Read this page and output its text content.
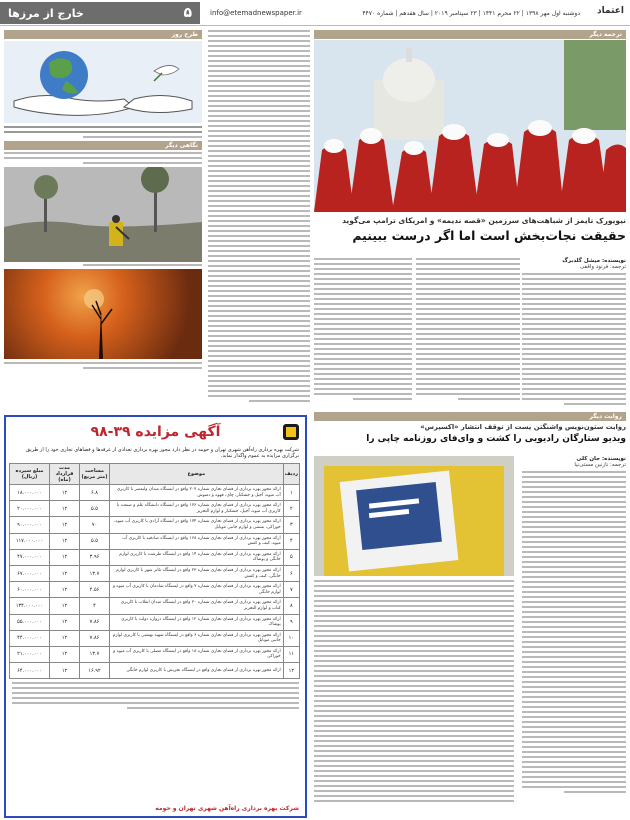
۵
خارج از مرزها	info@etemadnewspaper.ir	دوشنبه اول مهر ۱۳۹۸ | ۲۲ محرم ۱۴۴۱ | ۲۳ سپتامبر ۲۰۱۹ | سال هفدهم | شماره ۴۴۷۰ اعتماد
طرح روز
نگاهی دیگر
ترجمه دیگر
نیویورک تایمز از شباهت‌های سرزمین «قصه ندیمه» و امریکای ترامپ می‌گوید
حقیقت نجات‌بخش است اما اگر درست ببینیم
نویسنده: میشل گلدبرگ
ترجمه: فرنود واقفی
آگهی مزایده ۳۹-۹۸
شرکت بهره برداری راه‌آهن شهری تهران و حومه در نظر دارد مجوز بهره برداری تعدادی از غرفه‌ها و فضاهای تجاری خود را از طریق برگزاری مزایده به عموم واگذار نماید.
ردیف	موضوع	مساحت (متر مربع)	مدت قرارداد (ماه)	مبلغ سپرده (ریال)
۱	ارائه مجوز بهره برداری از فضای تجاری شماره ۲۰۷ واقع در ایستگاه میدان ولیعصر با کاربری آب میوه، آجیل و خشکبار، چای، قهوه و دمنوش	۶.۸	۱۲	۱۸.۰۰۰.۰۰۰
۲	ارائه مجوز بهره برداری از فضای تجاری شماره ۱۷۶ واقع در ایستگاه دانشگاه علم و صنعت با کاربری آب میوه، آجیل، خشکبار و لوازم التحریر	۵.۵	۱۲	۲۰.۰۰۰.۰۰۰
۳	ارائه مجوز بهره برداری از فضای تجاری شماره ۱۷۴ واقع در ایستگاه آزادی با کاربری آب میوه، خوراکی، بستنی و لوازم جانبی موبایل	۷۰	۱۲	۹۰.۰۰۰.۰۰۰
۴	ارائه مجوز بهره برداری از فضای تجاری شماره ۱۶۸ واقع در ایستگاه صادقیه با کاربری آب میوه، کیف و کفش	۵.۵	۱۲	۱۱۷.۰۰۰.۰۰۰
۵	ارائه مجوز بهره برداری از فضای تجاری شماره ۱۴ واقع در ایستگاه طرشت با کاربری لوازم خانگی و پوشاک	۳.۹۶	۱۲	۴۷.۰۰۰.۰۰۰
۶	ارائه مجوز بهره برداری از فضای تجاری شماره ۲۳ واقع در ایستگاه تئاتر شهر با کاربری لوازم خانگی، کیف و کفش	۱۳.۷	۱۲	۶۷.۰۰۰.۰۰۰
۷	ارائه مجوز بهره برداری از فضای تجاری شماره ۷ واقع در ایستگاه شادمان با کاربری آب میوه و لوازم خانگی	۴.۵۶	۱۲	۶۰.۰۰۰.۰۰۰
۸	ارائه مجوز بهره برداری از فضای تجاری شماره ۳۰ واقع در ایستگاه میدان انقلاب با کاربری کتاب و لوازم التحریر	۴	۱۲	۱۳۴.۰۰۰.۰۰۰
۹	ارائه مجوز بهره برداری از فضای تجاری شماره ۱۲ واقع در ایستگاه دروازه دولت با کاربری پوشاک	۷.۸۶	۱۲	۵۵.۰۰۰.۰۰۰
۱۰	ارائه مجوز بهره برداری از فضای تجاری شماره ۶ واقع در ایستگاه شهید بهشتی با کاربری لوازم جانبی موبایل	۷.۸۶	۱۲	۴۴.۰۰۰.۰۰۰
۱۱	ارائه مجوز بهره برداری از فضای تجاری شماره ۱۸ واقع در ایستگاه مصلی با کاربری آب میوه و خوراکی	۱۳.۷	۱۲	۲۱.۰۰۰.۰۰۰
۱۲	ارائه مجوز بهره برداری از فضای تجاری واقع در ایستگاه تجریش با کاربری لوازم خانگی	۱۶.۹۲	۱۲	۶۴.۰۰۰.۰۰۰
شرکت بهره برداری راه‌آهن شهری تهران و حومه
روایت دیگر
روایت ستون‌نویس واشنگتن پست از توقف انتشار «اکسپرس»
ویدیو ستارگان رادیویی را کشت و وای‌فای روزنامه چاپی را
نویسنده: جان کلی
ترجمه: نازنین مستی‌نیا
